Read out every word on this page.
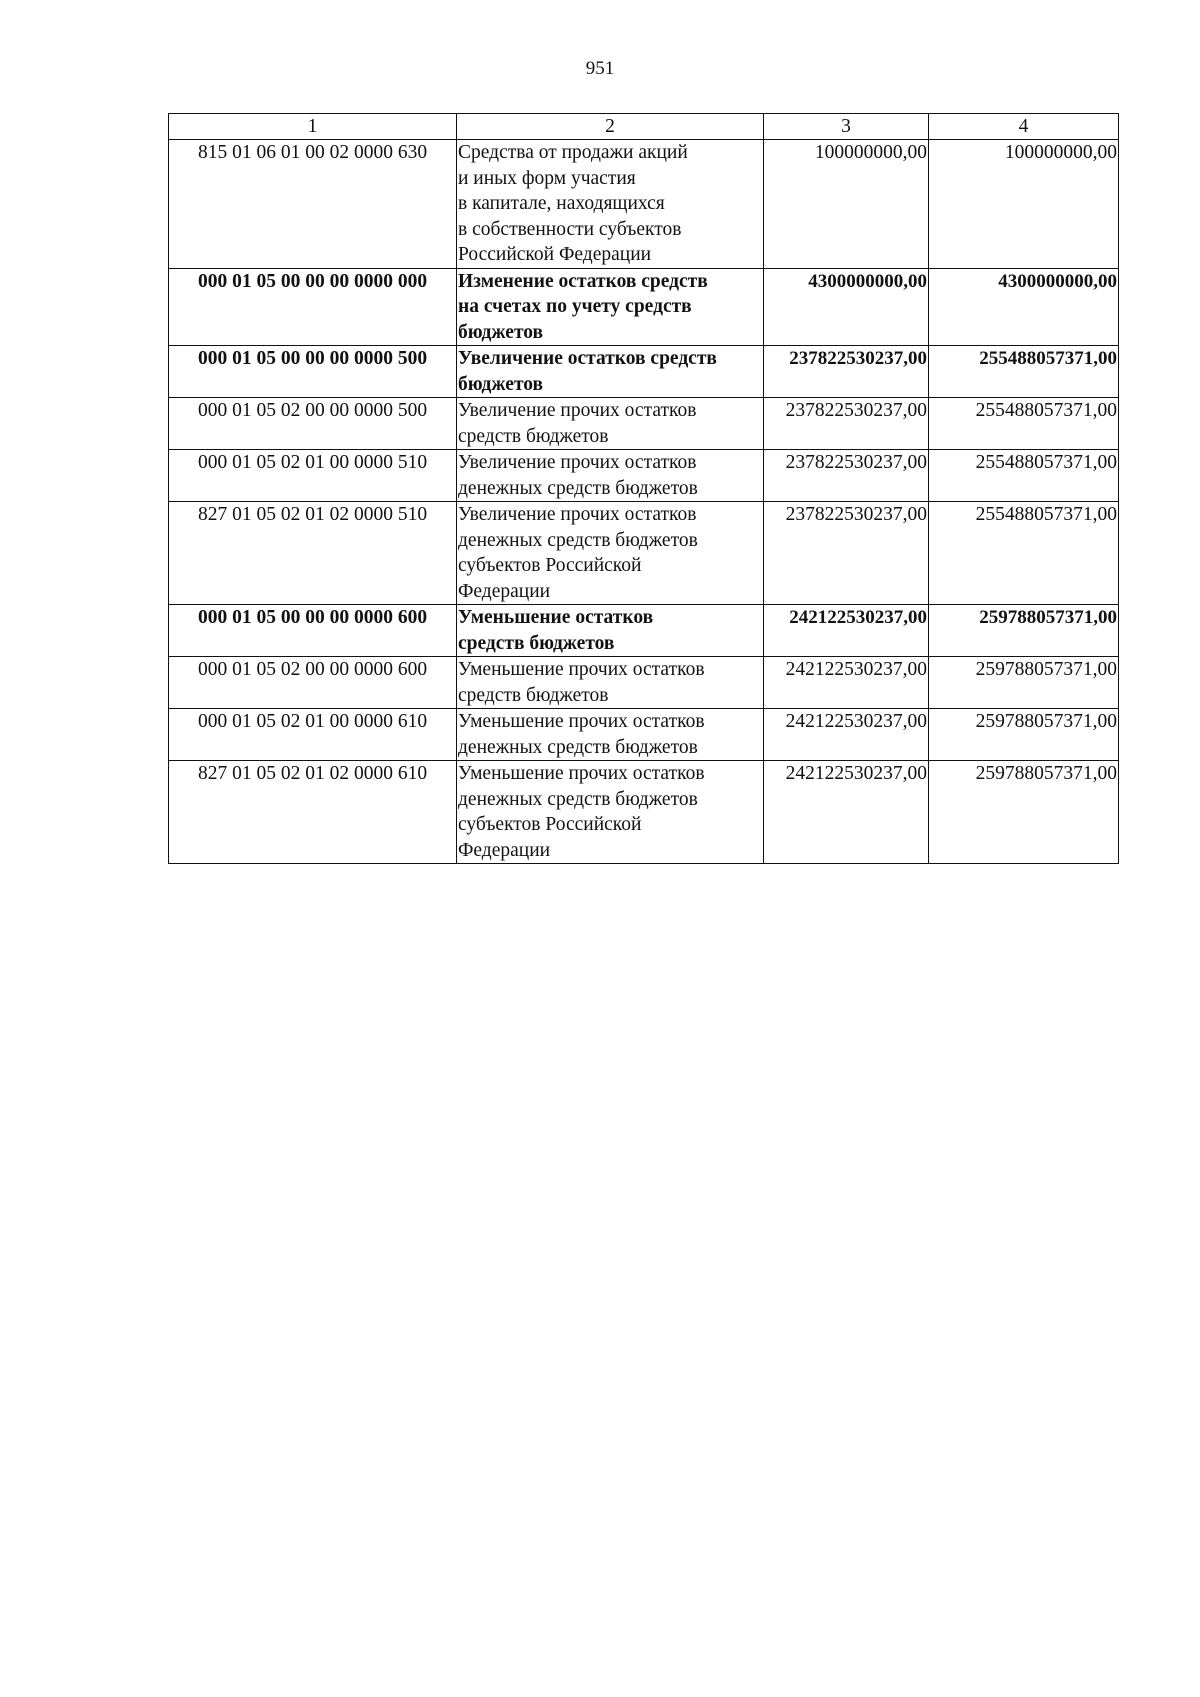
951
1	2	3	4
815 01 06 01 00 02 0000 630	Средства от продажи акций
и иных форм участия
в капитале, находящихся
в собственности субъектов
Российской Федерации	100000000,00	100000000,00
000 01 05 00 00 00 0000 000	Изменение остатков средств
на счетах по учету средств
бюджетов	4300000000,00	4300000000,00
000 01 05 00 00 00 0000 500	Увеличение остатков средств
бюджетов	237822530237,00	255488057371,00
000 01 05 02 00 00 0000 500	Увеличение прочих остатков
средств бюджетов	237822530237,00	255488057371,00
000 01 05 02 01 00 0000 510	Увеличение прочих остатков
денежных средств бюджетов	237822530237,00	255488057371,00
827 01 05 02 01 02 0000 510	Увеличение прочих остатков
денежных средств бюджетов
субъектов Российской
Федерации	237822530237,00	255488057371,00
000 01 05 00 00 00 0000 600	Уменьшение остатков
средств бюджетов	242122530237,00	259788057371,00
000 01 05 02 00 00 0000 600	Уменьшение прочих остатков
средств бюджетов	242122530237,00	259788057371,00
000 01 05 02 01 00 0000 610	Уменьшение прочих остатков
денежных средств бюджетов	242122530237,00	259788057371,00
827 01 05 02 01 02 0000 610	Уменьшение прочих остатков
денежных средств бюджетов
субъектов Российской
Федерации	242122530237,00	259788057371,00
